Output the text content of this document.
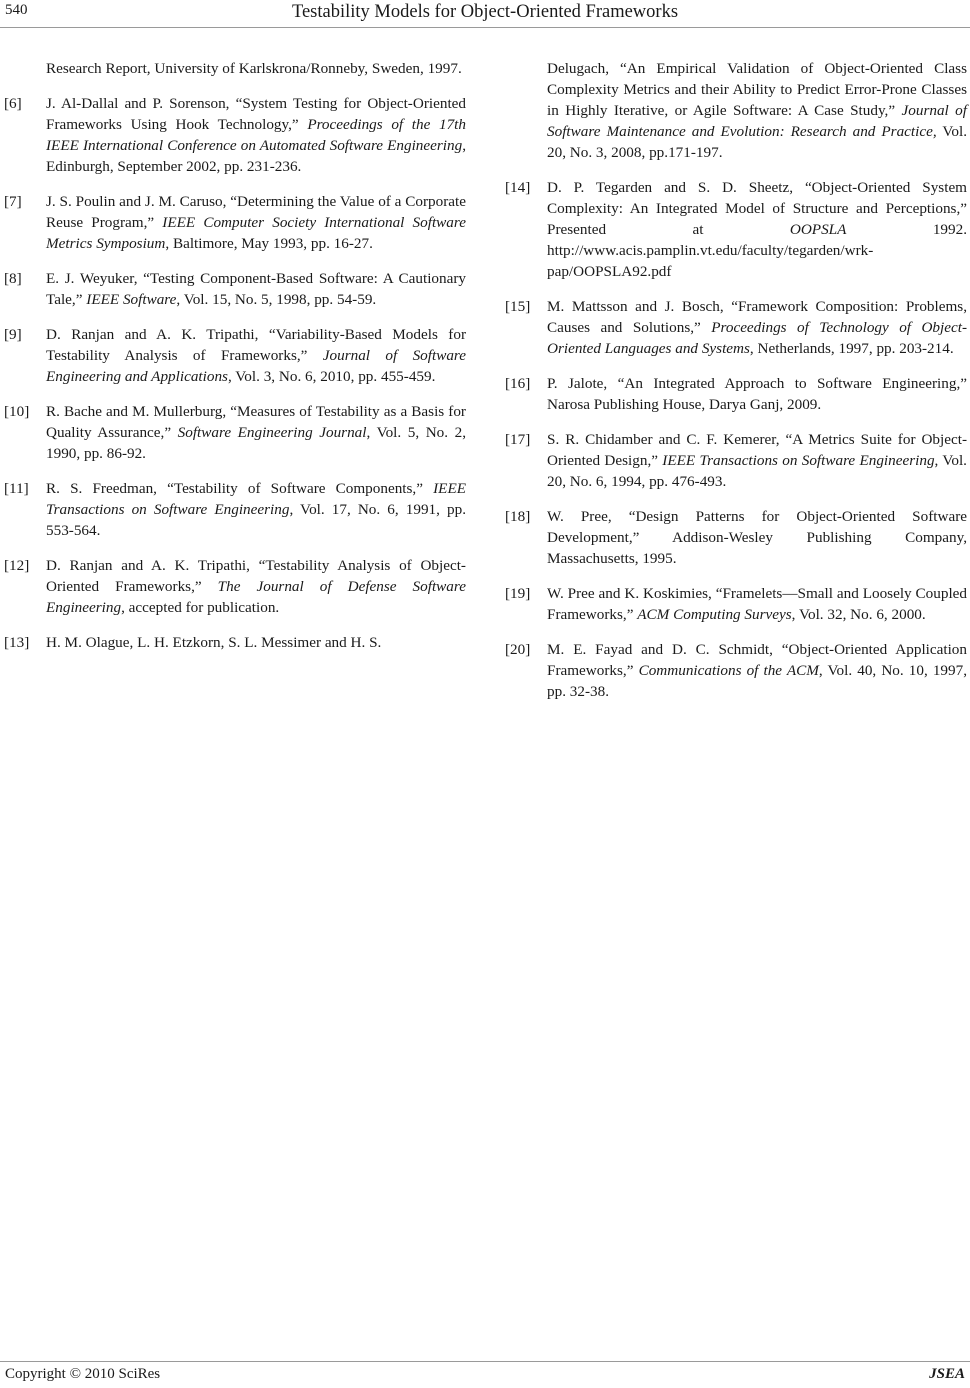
540	Testability Models for Object-Oriented Frameworks
Research Report, University of Karlskrona/Ronneby, Sweden, 1997.
[6] J. Al-Dallal and P. Sorenson, “System Testing for Object-Oriented Frameworks Using Hook Technology,” Proceedings of the 17th IEEE International Conference on Automated Software Engineering, Edinburgh, September 2002, pp. 231-236.
[7] J. S. Poulin and J. M. Caruso, “Determining the Value of a Corporate Reuse Program,” IEEE Computer Society International Software Metrics Symposium, Baltimore, May 1993, pp. 16-27.
[8] E. J. Weyuker, “Testing Component-Based Software: A Cautionary Tale,” IEEE Software, Vol. 15, No. 5, 1998, pp. 54-59.
[9] D. Ranjan and A. K. Tripathi, “Variability-Based Models for Testability Analysis of Frameworks,” Journal of Software Engineering and Applications, Vol. 3, No. 6, 2010, pp. 455-459.
[10] R. Bache and M. Mullerburg, “Measures of Testability as a Basis for Quality Assurance,” Software Engineering Journal, Vol. 5, No. 2, 1990, pp. 86-92.
[11] R. S. Freedman, “Testability of Software Components,” IEEE Transactions on Software Engineering, Vol. 17, No. 6, 1991, pp. 553-564.
[12] D. Ranjan and A. K. Tripathi, “Testability Analysis of Object-Oriented Frameworks,” The Journal of Defense Software Engineering, accepted for publication.
[13] H. M. Olague, L. H. Etzkorn, S. L. Messimer and H. S.
Delugach, “An Empirical Validation of Object-Oriented Class Complexity Metrics and their Ability to Predict Error-Prone Classes in Highly Iterative, or Agile Software: A Case Study,” Journal of Software Maintenance and Evolution: Research and Practice, Vol. 20, No. 3, 2008, pp.171-197.
[14] D. P. Tegarden and S. D. Sheetz, “Object-Oriented System Complexity: An Integrated Model of Structure and Perceptions,” Presented at OOPSLA 1992. http://www.acis.pamplin.vt.edu/faculty/tegarden/wrk-pap/OOPSLA92.pdf
[15] M. Mattsson and J. Bosch, “Framework Composition: Problems, Causes and Solutions,” Proceedings of Technology of Object-Oriented Languages and Systems, Netherlands, 1997, pp. 203-214.
[16] P. Jalote, “An Integrated Approach to Software Engineering,” Narosa Publishing House, Darya Ganj, 2009.
[17] S. R. Chidamber and C. F. Kemerer, “A Metrics Suite for Object-Oriented Design,” IEEE Transactions on Software Engineering, Vol. 20, No. 6, 1994, pp. 476-493.
[18] W. Pree, “Design Patterns for Object-Oriented Software Development,” Addison-Wesley Publishing Company, Massachusetts, 1995.
[19] W. Pree and K. Koskimies, “Framelets—Small and Loosely Coupled Frameworks,” ACM Computing Surveys, Vol. 32, No. 6, 2000.
[20] M. E. Fayad and D. C. Schmidt, “Object-Oriented Application Frameworks,” Communications of the ACM, Vol. 40, No. 10, 1997, pp. 32-38.
Copyright © 2010 SciRes	JSEA
